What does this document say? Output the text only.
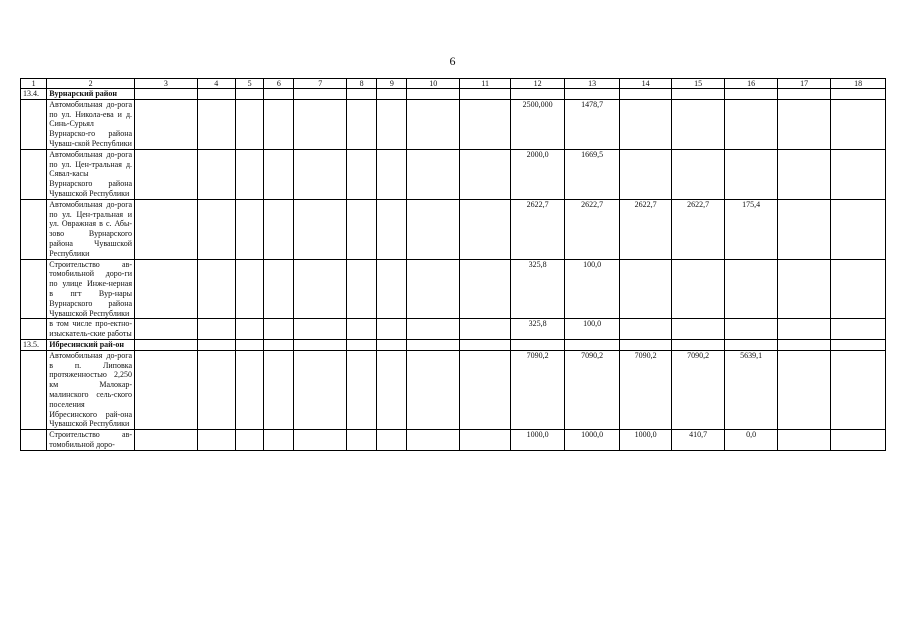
6
1	2	3	4	5	6	7	8	9	10	11	12	13	14	15	16	17	18
13.4.	Вурнарский район																
	Автомобильная до-рога по ул. Никола-ева и д. Синь-Сурьял Вурнарско-го района Чуваш-ской Республики										2500,000	1478,7					
	Автомобильная до-рога по ул. Цен-тральная д. Сявал-касы Вурнарского района Чувашской Республики										2000,0	1669,5					
	Автомобильная до-рога по ул. Цен-тральная и ул. Овражная в с. Абы-зово Вурнарского района Чувашской Республики										2622,7	2622,7	2622,7	2622,7	175,4		
	Строительство ав-томобильной доро-ги по улице Инже-нерная в пгт Вур-нары Вурнарского района Чувашской Республики										325,8	100,0					
	в том числе про-ектно-изыскатель-ские работы										325,8	100,0					
13.5.	Ибресинский рай-он																
	Автомобильная до-рога в п. Липовка протяженностью 2,250 км Малокар-малинского сель-ского поселения Ибресинского рай-она Чувашской Республики										7090,2	7090,2	7090,2	7090,2	5639,1		
	Строительство ав-томобильной доро-										1000,0	1000,0	1000,0	410,7	0,0		
